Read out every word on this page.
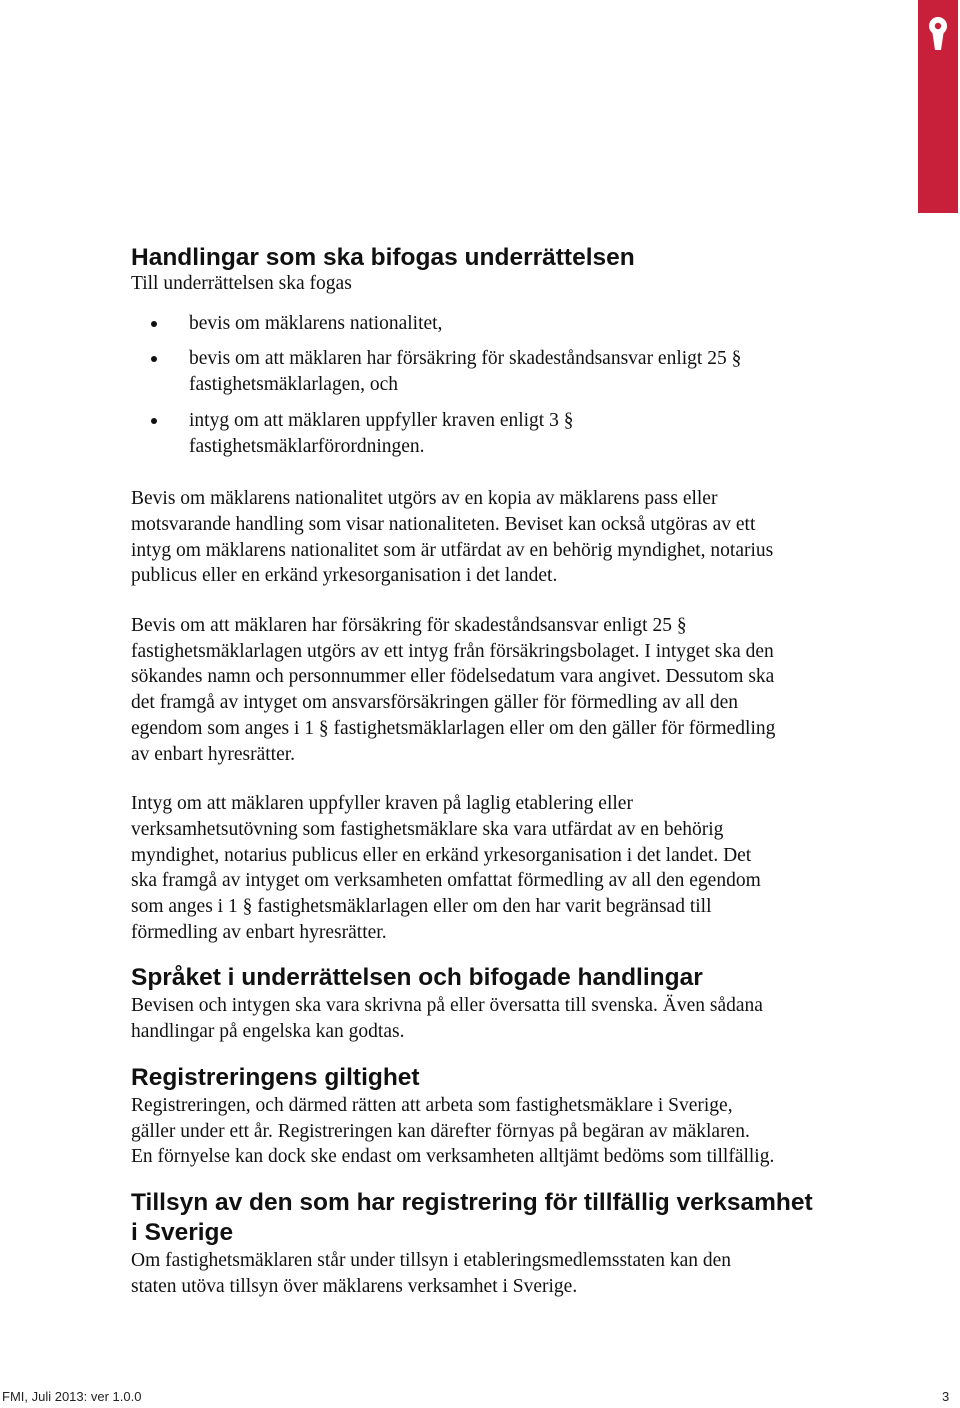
Handlingar som ska bifogas underrättelsen

Till underrättelsen ska fogas

bevis om mäklarens nationalitet,
bevis om att mäklaren har försäkring för skadeståndsansvar enligt 25 §
fastighetsmäklarlagen, och
intyg om att mäklaren uppfyller kraven enligt 3 §
fastighetsmäklarförordningen.

Bevis om mäklarens nationalitet utgörs av en kopia av mäklarens pass eller
motsvarande handling som visar nationaliteten. Beviset kan också utgöras av ett
intyg om mäklarens nationalitet som är utfärdat av en behörig myndighet, notarius
publicus eller en erkänd yrkesorganisation i det landet.

Bevis om att mäklaren har försäkring för skadeståndsansvar enligt 25 §
fastighetsmäklarlagen utgörs av ett intyg från försäkringsbolaget. I intyget ska den
sökandes namn och personnummer eller födelsedatum vara angivet. Dessutom ska
det framgå av intyget om ansvarsförsäkringen gäller för förmedling av all den
egendom som anges i 1 § fastighetsmäklarlagen eller om den gäller för förmedling
av enbart hyresrätter.

Intyg om att mäklaren uppfyller kraven på laglig etablering eller
verksamhetsutövning som fastighetsmäklare ska vara utfärdat av en behörig
myndighet, notarius publicus eller en erkänd yrkesorganisation i det landet. Det
ska framgå av intyget om verksamheten omfattat förmedling av all den egendom
som anges i 1 § fastighetsmäklarlagen eller om den har varit begränsad till
förmedling av enbart hyresrätter.

Språket i underrättelsen och bifogade handlingar

Bevisen och intygen ska vara skrivna på eller översatta till svenska. Även sådana
handlingar på engelska kan godtas.

Registreringens giltighet

Registreringen, och därmed rätten att arbeta som fastighetsmäklare i Sverige,
gäller under ett år. Registreringen kan därefter förnyas på begäran av mäklaren.
En förnyelse kan dock ske endast om verksamheten alltjämt bedöms som tillfällig.

Tillsyn av den som har registrering för tillfällig verksamhet
i Sverige

Om fastighetsmäklaren står under tillsyn i etableringsmedlemsstaten kan den
staten utöva tillsyn över mäklarens verksamhet i Sverige.

FMI, Juli 2013: ver 1.0.0	3
